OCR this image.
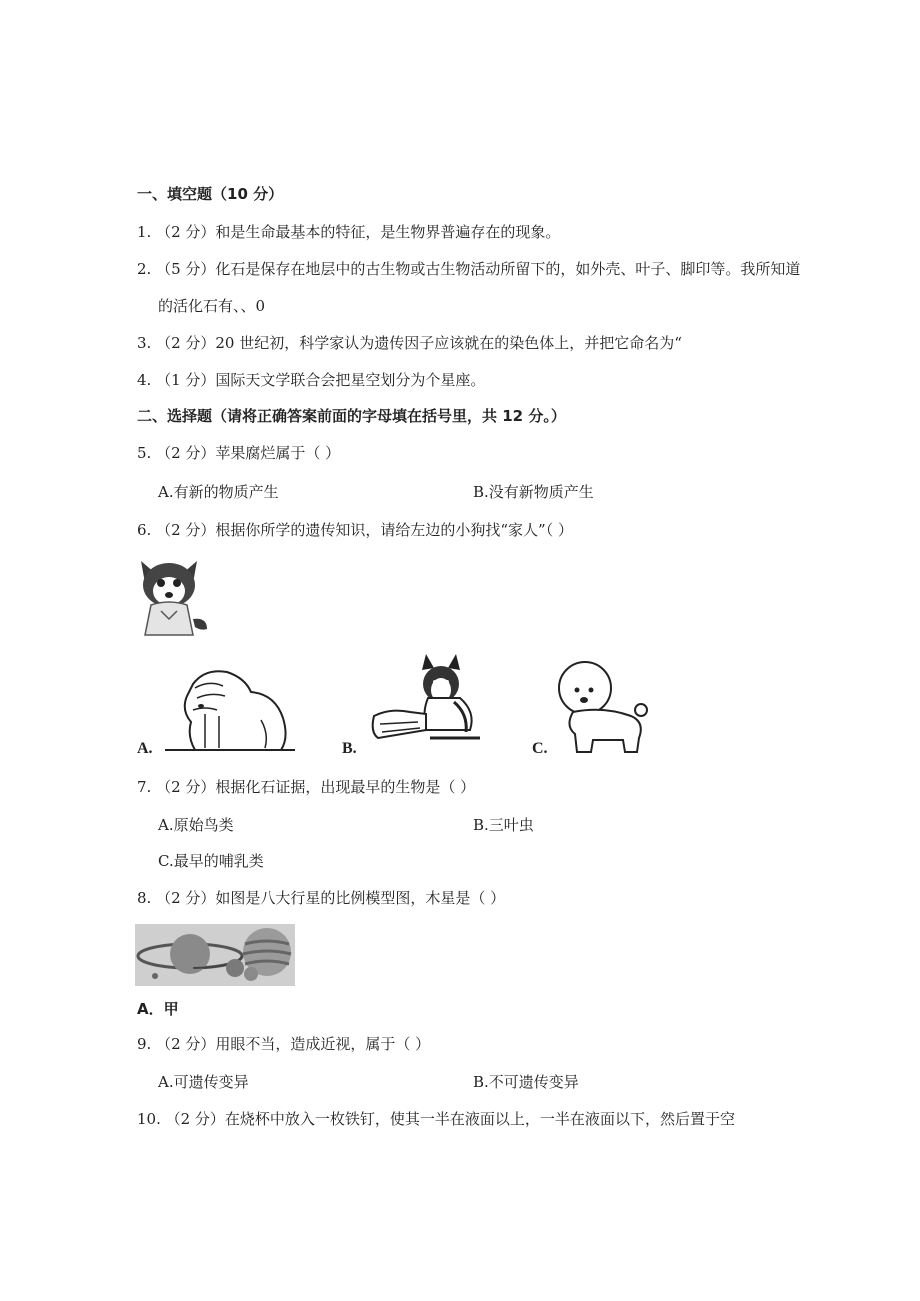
一、填空题（10 分）
1. （2 分）和是生命最基本的特征，是生物界普遍存在的现象。
2. （5 分）化石是保存在地层中的古生物或古生物活动所留下的，如外壳、叶子、脚印等。我所知道
的活化石有、、0
3. （2 分）20 世纪初，科学家认为遗传因子应该就在的染色体上，并把它命名为“
4. （1 分）国际天文学联合会把星空划分为个星座。
二、选择题（请将正确答案前面的字母填在括号里，共 12 分。）
5. （2 分）苹果腐烂属于（ ）
A.有新的物质产生	B.没有新物质产生
6. （2 分）根据你所学的遗传知识，请给左边的小狗找“家人”（ ）
A.	B.	C.
7. （2 分）根据化石证据，出现最早的生物是（ ）
A.原始鸟类	B.三叶虫
C.最早的哺乳类
8. （2 分）如图是八大行星的比例模型图，木星是（ ）
A．甲
9. （2 分）用眼不当，造成近视，属于（ ）
A.可遗传变异	B.不可遗传变异
10. （2 分）在烧杯中放入一枚铁钉，使其一半在液面以上，一半在液面以下，然后置于空
